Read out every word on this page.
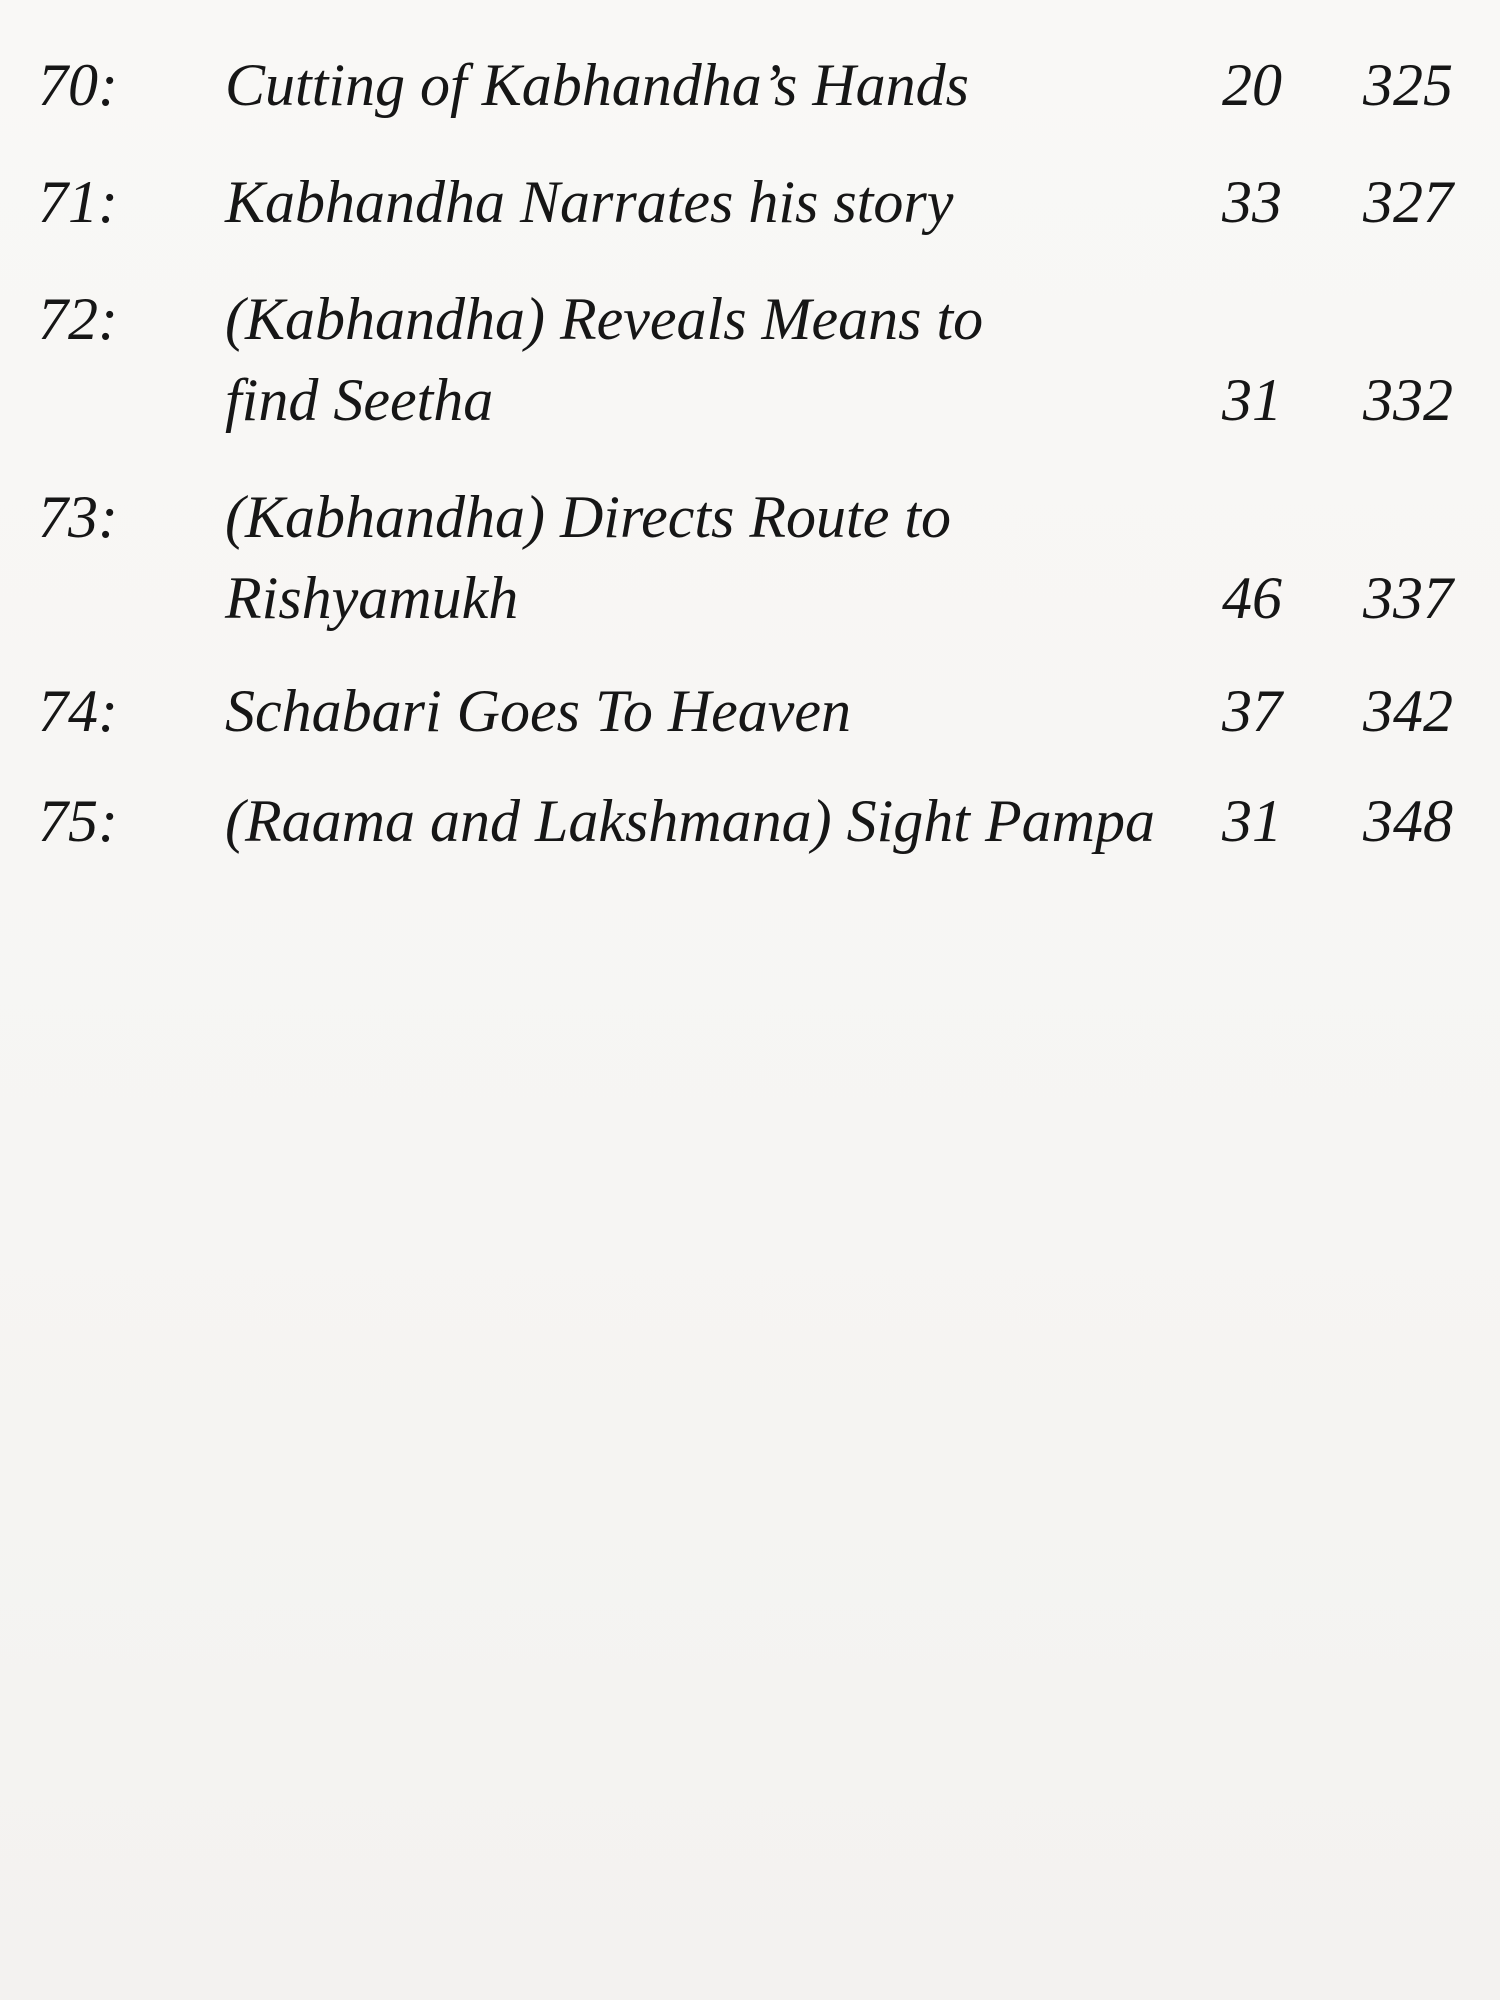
70: Cutting of Kabhandha’s Hands	20 325
71: Kabhandha Narrates his story	33 327
72: (Kabhandha) Reveals Means to
find Seetha	31 332
73: (Kabhandha) Directs Route to
Rishyamukh	46 337
74: Schabari Goes To Heaven	37 342
75: (Raama and Lakshmana) Sight Pampa 31 348
